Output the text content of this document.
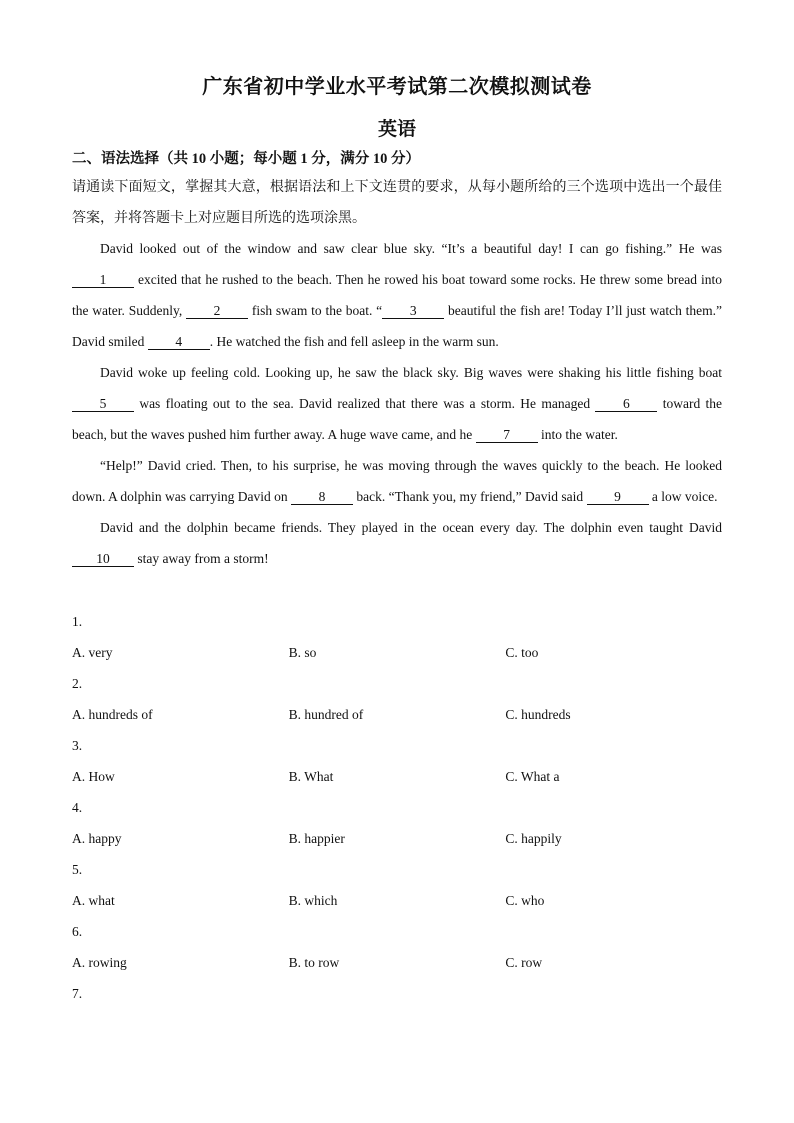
广东省初中学业水平考试第二次模拟测试卷
英语

二、语法选择（共 10 小题；每小题 1 分，满分 10 分）

请通读下面短文，掌握其大意，根据语法和上下文连贯的要求，从每小题所给的三个选项中选出一个最佳答案，并将答题卡上对应题目所选的选项涂黑。

David looked out of the window and saw clear blue sky. “It’s a beautiful day! I can go fishing.” He was 1 excited that he rushed to the beach. Then he rowed his boat toward some rocks. He threw some bread into the water. Suddenly, 2 fish swam to the boat. “ 3 beautiful the fish are! Today I’ll just watch them.” David smiled 4 . He watched the fish and fell asleep in the warm sun.

David woke up feeling cold. Looking up, he saw the black sky. Big waves were shaking his little fishing boat 5 was floating out to the sea. David realized that there was a storm. He managed 6 toward the beach, but the waves pushed him further away. A huge wave came, and he 7 into the water.

“Help!” David cried. Then, to his surprise, he was moving through the waves quickly to the beach. He looked down. A dolphin was carrying David on 8 back. “Thank you, my friend,” David said 9 a low voice.

David and the dolphin became friends. They played in the ocean every day. The dolphin even taught David 10 stay away from a storm!

1.
A. very	B. so	C. too
2.
A. hundreds of	B. hundred of	C. hundreds
3.
A. How	B. What	C. What a
4.
A. happy	B. happier	C. happily
5.
A. what	B. which	C. who
6.
A. rowing	B. to row	C. row
7.
